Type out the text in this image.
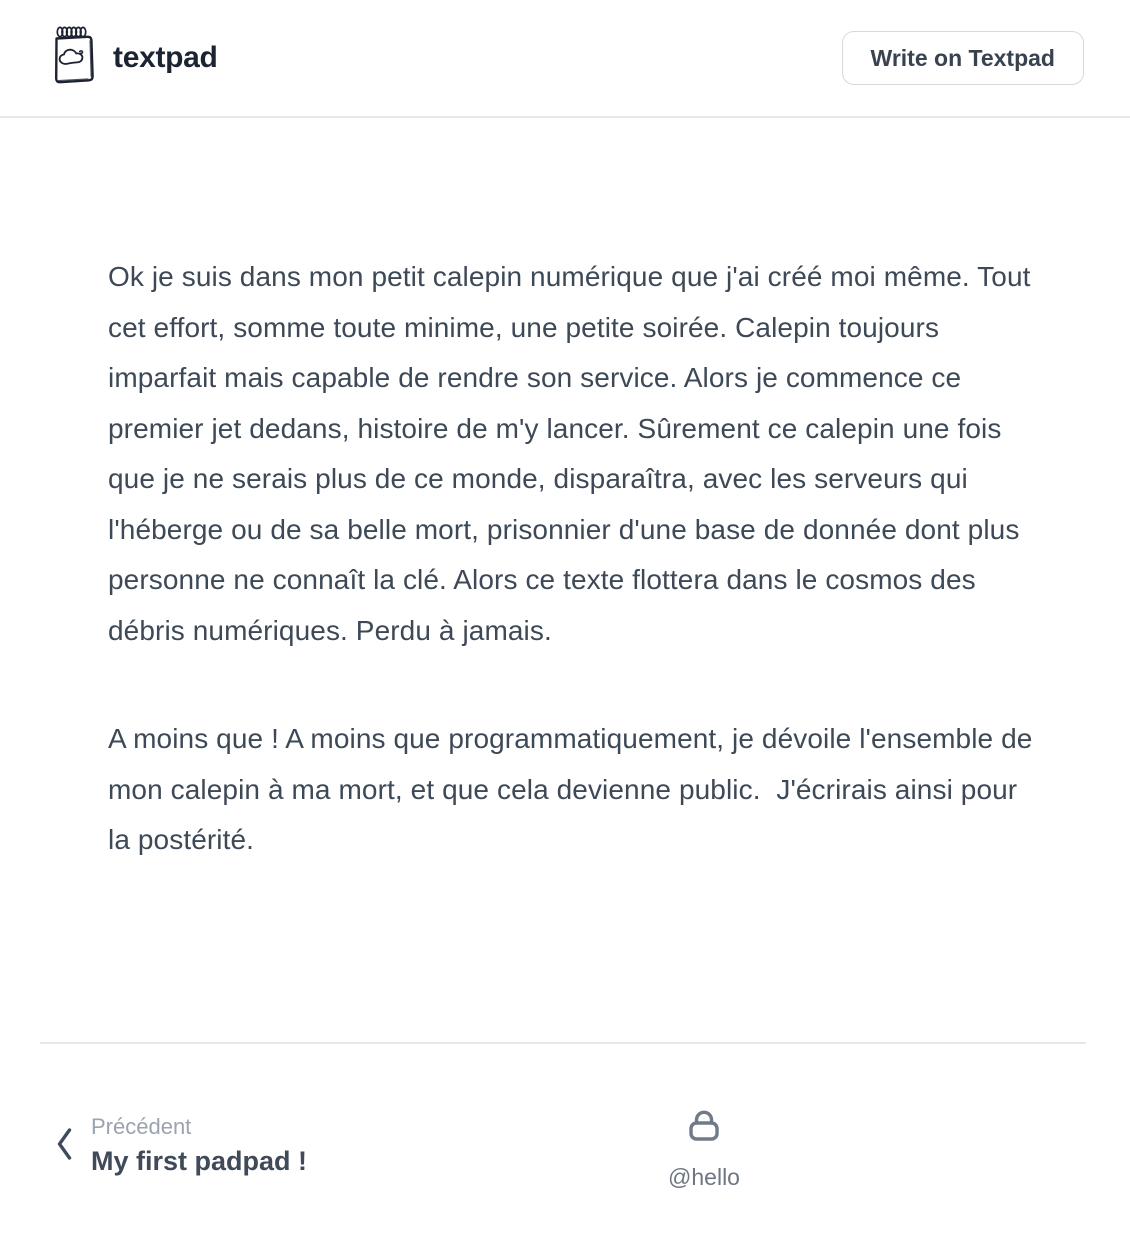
textpad	Write on Textpad

Ok je suis dans mon petit calepin numérique que j'ai créé moi même. Tout cet effort, somme toute minime, une petite soirée. Calepin toujours imparfait mais capable de rendre son service. Alors je commence ce premier jet dedans, histoire de m'y lancer. Sûrement ce calepin une fois que je ne serais plus de ce monde, disparaîtra, avec les serveurs qui l'héberge ou de sa belle mort, prisonnier d'une base de donnée dont plus personne ne connaît la clé. Alors ce texte flottera dans le cosmos des débris numériques. Perdu à jamais.

A moins que ! A moins que programmatiquement, je dévoile l'ensemble de mon calepin à ma mort, et que cela devienne public.  J'écrirais ainsi pour la postérité.

Précédent
My first padpad !
@hello
